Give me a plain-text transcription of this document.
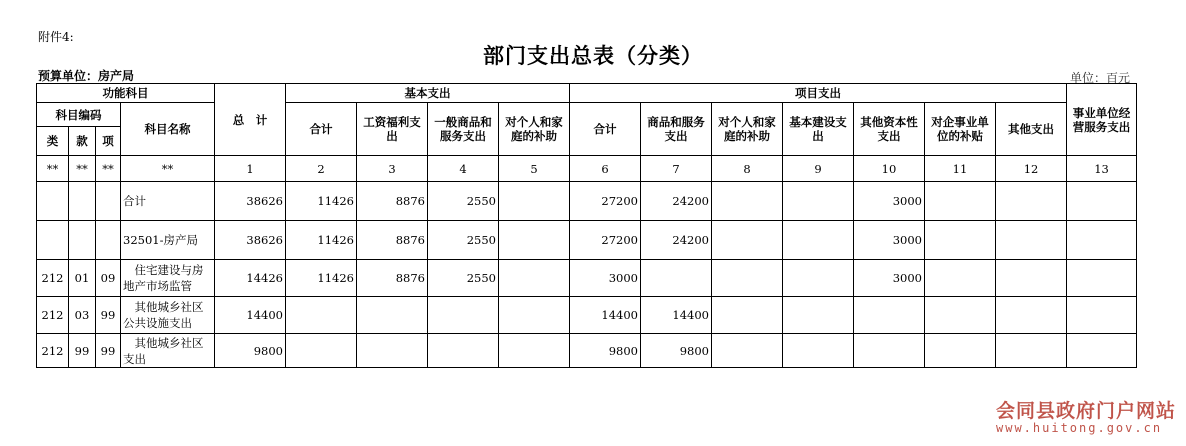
附件4:
部门支出总表（分类）
预算单位：房产局	单位：百元
功能科目				总　计	基本支出				项目支出							事业单位经营服务支出
科目编码			科目名称		合计	工资福利支出	一般商品和服务支出	对个人和家庭的补助	合计	商品和服务支出	对个人和家庭的补助	基本建设支出	其他资本性支出	对企事业单位的补贴	其他支出	
类	款	项														

**	**	**	**	1	2	3	4	5	6	7	8	9	10	11	12	13
			合计	38626	11426	8876	2550		27200	24200			3000			
			32501-房产局	38626	11426	8876	2550		27200	24200			3000			
212	01	09	　住宅建设与房地产市场监管	14426	11426	8876	2550		3000				3000			
212	03	99	　其他城乡社区公共设施支出	14400					14400	14400						
212	99	99	　其他城乡社区支出	9800					9800	9800						
会同县政府门户网站
www.huitong.gov.cn
